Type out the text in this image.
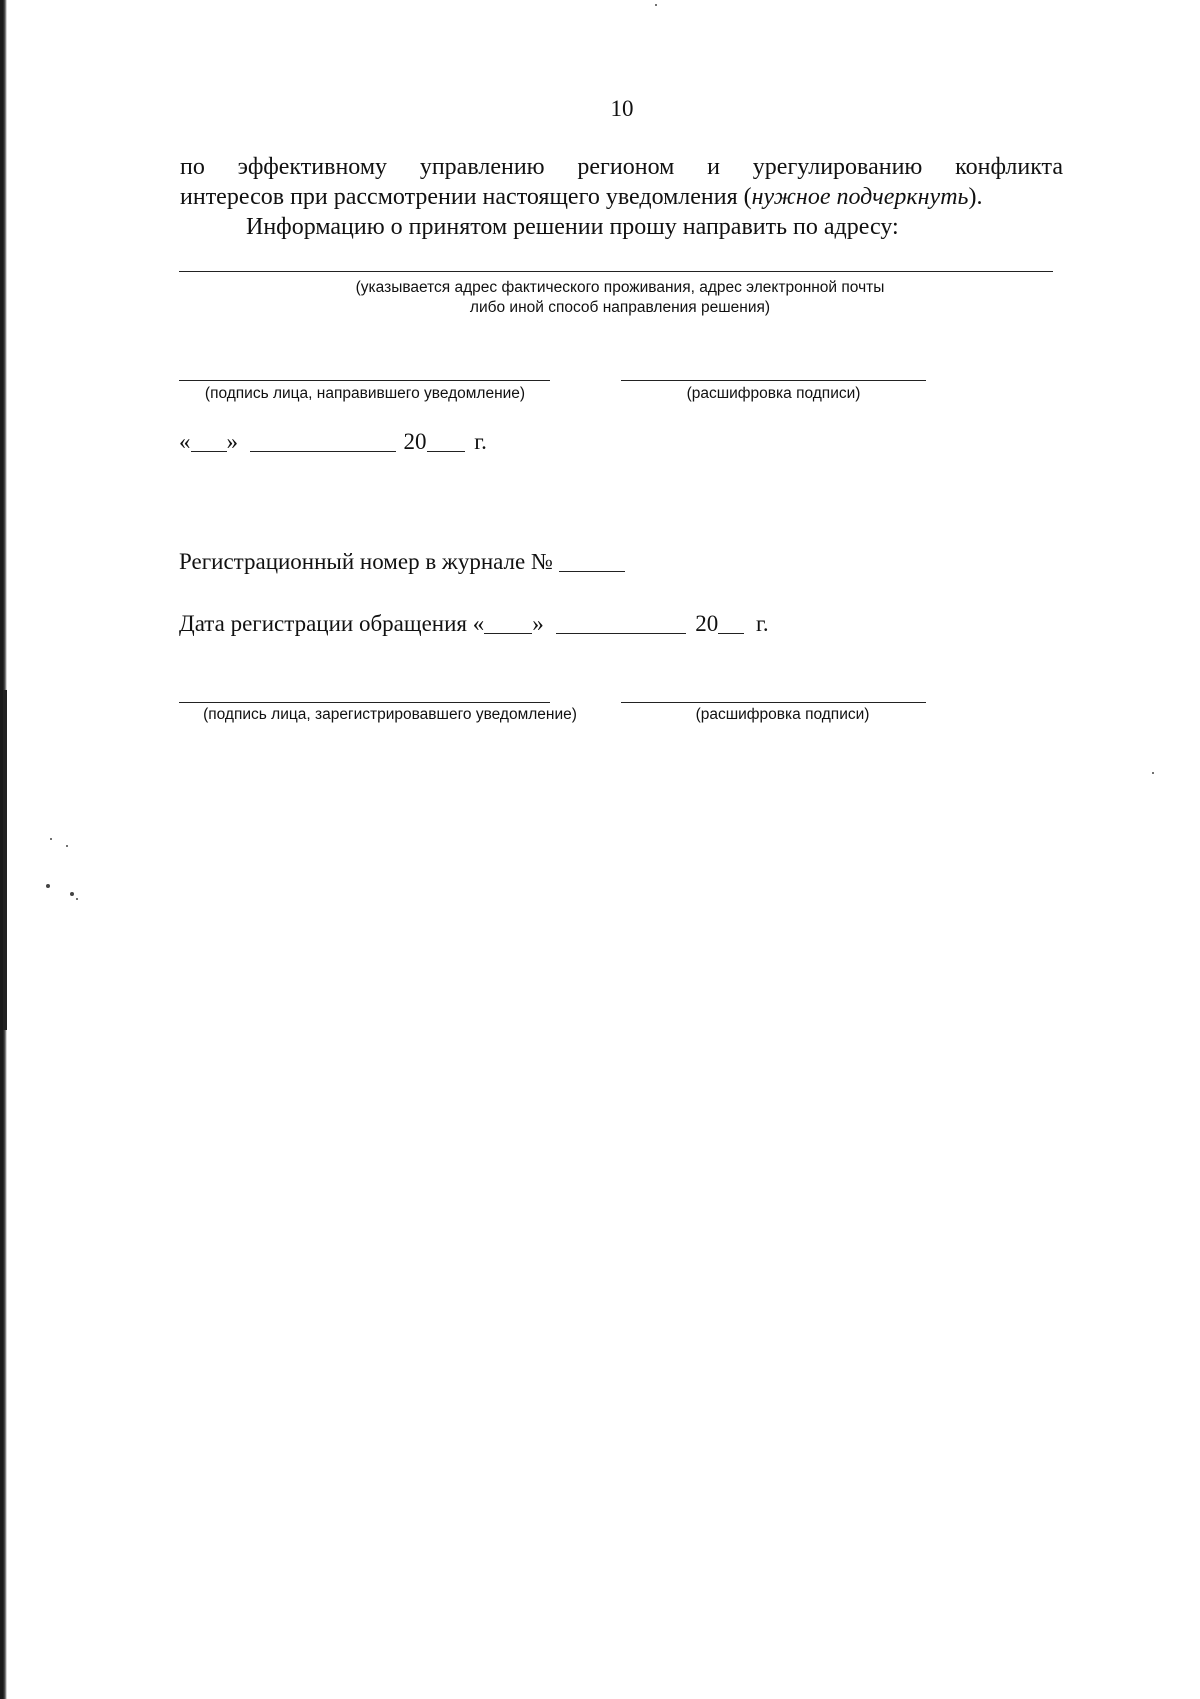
10
по эффективному управлению регионом и урегулированию конфликта
интересов при рассмотрении настоящего уведомления (нужное подчеркнуть).
Информацию о принятом решении прошу направить по адресу:
(указывается адрес фактического проживания, адрес электронной почты
либо иной способ направления решения)
(подпись лица, направившего уведомление)	(расшифровка подписи)
« »	20 г.
Регистрационный номер в журнале №
Дата регистрации обращения « »	20 г.
(подпись лица, зарегистрировавшего уведомление)	(расшифровка подписи)
